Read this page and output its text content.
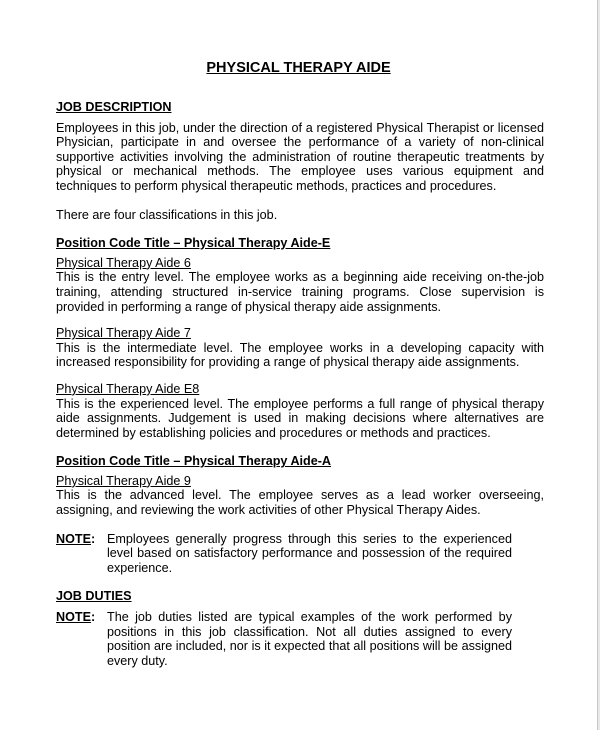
PHYSICAL THERAPY AIDE

JOB DESCRIPTION

Employees in this job, under the direction of a registered Physical Therapist or licensed Physician, participate in and oversee the performance of a variety of non-clinical supportive activities involving the administration of routine therapeutic treatments by physical or mechanical methods. The employee uses various equipment and techniques to perform physical therapeutic methods, practices and procedures.

There are four classifications in this job.

Position Code Title – Physical Therapy Aide-E

Physical Therapy Aide 6

This is the entry level. The employee works as a beginning aide receiving on-the-job training, attending structured in-service training programs. Close supervision is provided in performing a range of physical therapy aide assignments.

Physical Therapy Aide 7

This is the intermediate level. The employee works in a developing capacity with increased responsibility for providing a range of physical therapy aide assignments.

Physical Therapy Aide E8

This is the experienced level. The employee performs a full range of physical therapy aide assignments. Judgement is used in making decisions where alternatives are determined by establishing policies and procedures or methods and practices.

Position Code Title – Physical Therapy Aide-A

Physical Therapy Aide 9

This is the advanced level. The employee serves as a lead worker overseeing, assigning, and reviewing the work activities of other Physical Therapy Aides.

NOTE: Employees generally progress through this series to the experienced level based on satisfactory performance and possession of the required experience.

JOB DUTIES

NOTE: The job duties listed are typical examples of the work performed by positions in this job classification. Not all duties assigned to every position are included, nor is it expected that all positions will be assigned every duty.
